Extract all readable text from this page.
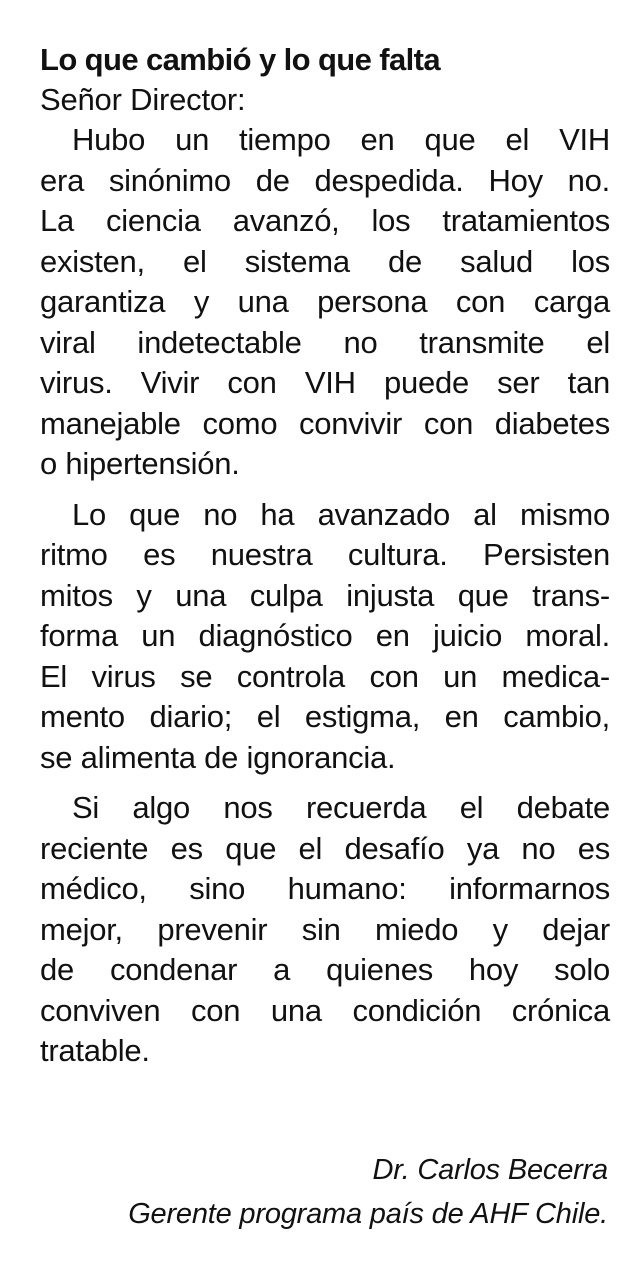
Lo que cambió y lo que falta

Señor Director:

Hubo un tiempo en que el VIH
era sinónimo de despedida. Hoy no.
La ciencia avanzó, los tratamientos
existen, el sistema de salud los
garantiza y una persona con carga
viral indetectable no transmite el
virus. Vivir con VIH puede ser tan
manejable como convivir con diabetes
o hipertensión.

Lo que no ha avanzado al mismo
ritmo es nuestra cultura. Persisten
mitos y una culpa injusta que trans-
forma un diagnóstico en juicio moral.
El virus se controla con un medica-
mento diario; el estigma, en cambio,
se alimenta de ignorancia.

Si algo nos recuerda el debate
reciente es que el desafío ya no es
médico, sino humano: informarnos
mejor, prevenir sin miedo y dejar
de condenar a quienes hoy solo
conviven con una condición crónica
tratable.

Dr. Carlos Becerra
Gerente programa país de AHF Chile.
